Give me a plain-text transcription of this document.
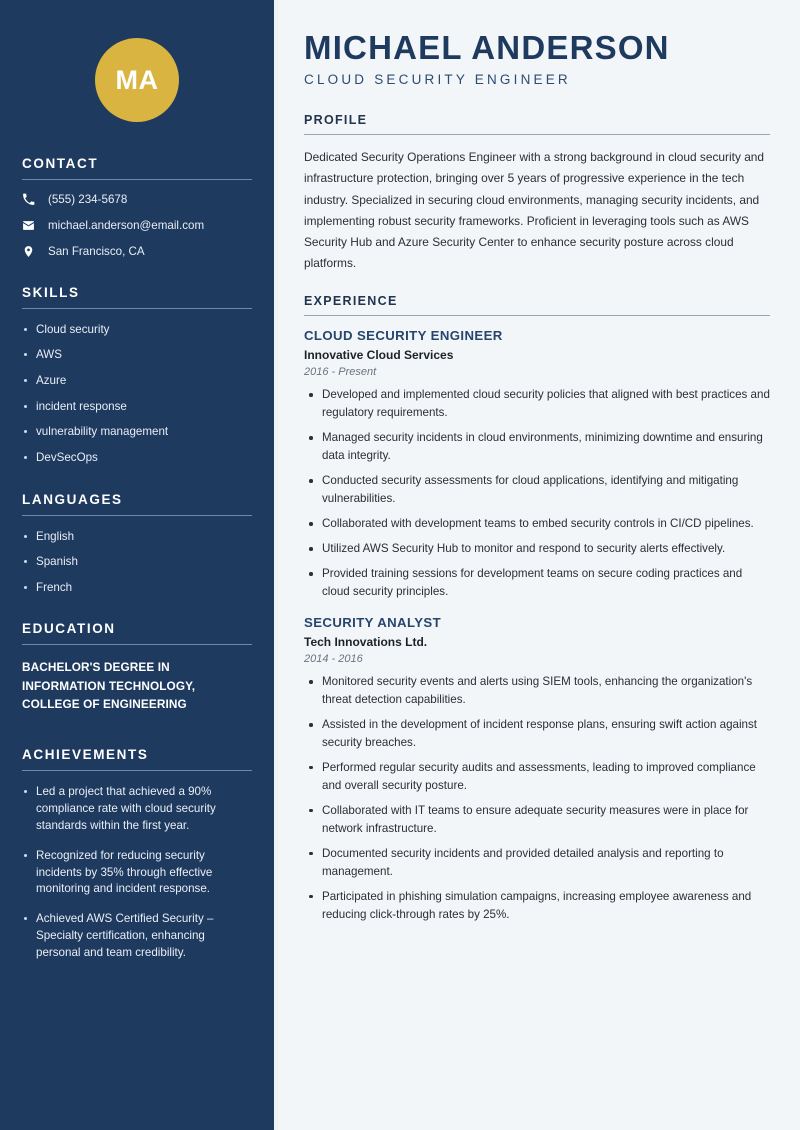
MA
CONTACT
(555) 234-5678
michael.anderson@email.com
San Francisco, CA
SKILLS
Cloud security
AWS
Azure
incident response
vulnerability management
DevSecOps
LANGUAGES
English
Spanish
French
EDUCATION
BACHELOR'S DEGREE IN INFORMATION TECHNOLOGY, COLLEGE OF ENGINEERING
ACHIEVEMENTS
Led a project that achieved a 90% compliance rate with cloud security standards within the first year.
Recognized for reducing security incidents by 35% through effective monitoring and incident response.
Achieved AWS Certified Security – Specialty certification, enhancing personal and team credibility.
MICHAEL ANDERSON
CLOUD SECURITY ENGINEER
PROFILE

Dedicated Security Operations Engineer with a strong background in cloud security and infrastructure protection, bringing over 5 years of progressive experience in the tech industry. Specialized in securing cloud environments, managing security incidents, and implementing robust security frameworks. Proficient in leveraging tools such as AWS Security Hub and Azure Security Center to enhance security posture across cloud platforms.

EXPERIENCE
CLOUD SECURITY ENGINEER
Innovative Cloud Services
2016 - Present
Developed and implemented cloud security policies that aligned with best practices and regulatory requirements.
Managed security incidents in cloud environments, minimizing downtime and ensuring data integrity.
Conducted security assessments for cloud applications, identifying and mitigating vulnerabilities.
Collaborated with development teams to embed security controls in CI/CD pipelines.
Utilized AWS Security Hub to monitor and respond to security alerts effectively.
Provided training sessions for development teams on secure coding practices and cloud security principles.
SECURITY ANALYST
Tech Innovations Ltd.
2014 - 2016
Monitored security events and alerts using SIEM tools, enhancing the organization's threat detection capabilities.
Assisted in the development of incident response plans, ensuring swift action against security breaches.
Performed regular security audits and assessments, leading to improved compliance and overall security posture.
Collaborated with IT teams to ensure adequate security measures were in place for network infrastructure.
Documented security incidents and provided detailed analysis and reporting to management.
Participated in phishing simulation campaigns, increasing employee awareness and reducing click-through rates by 25%.
